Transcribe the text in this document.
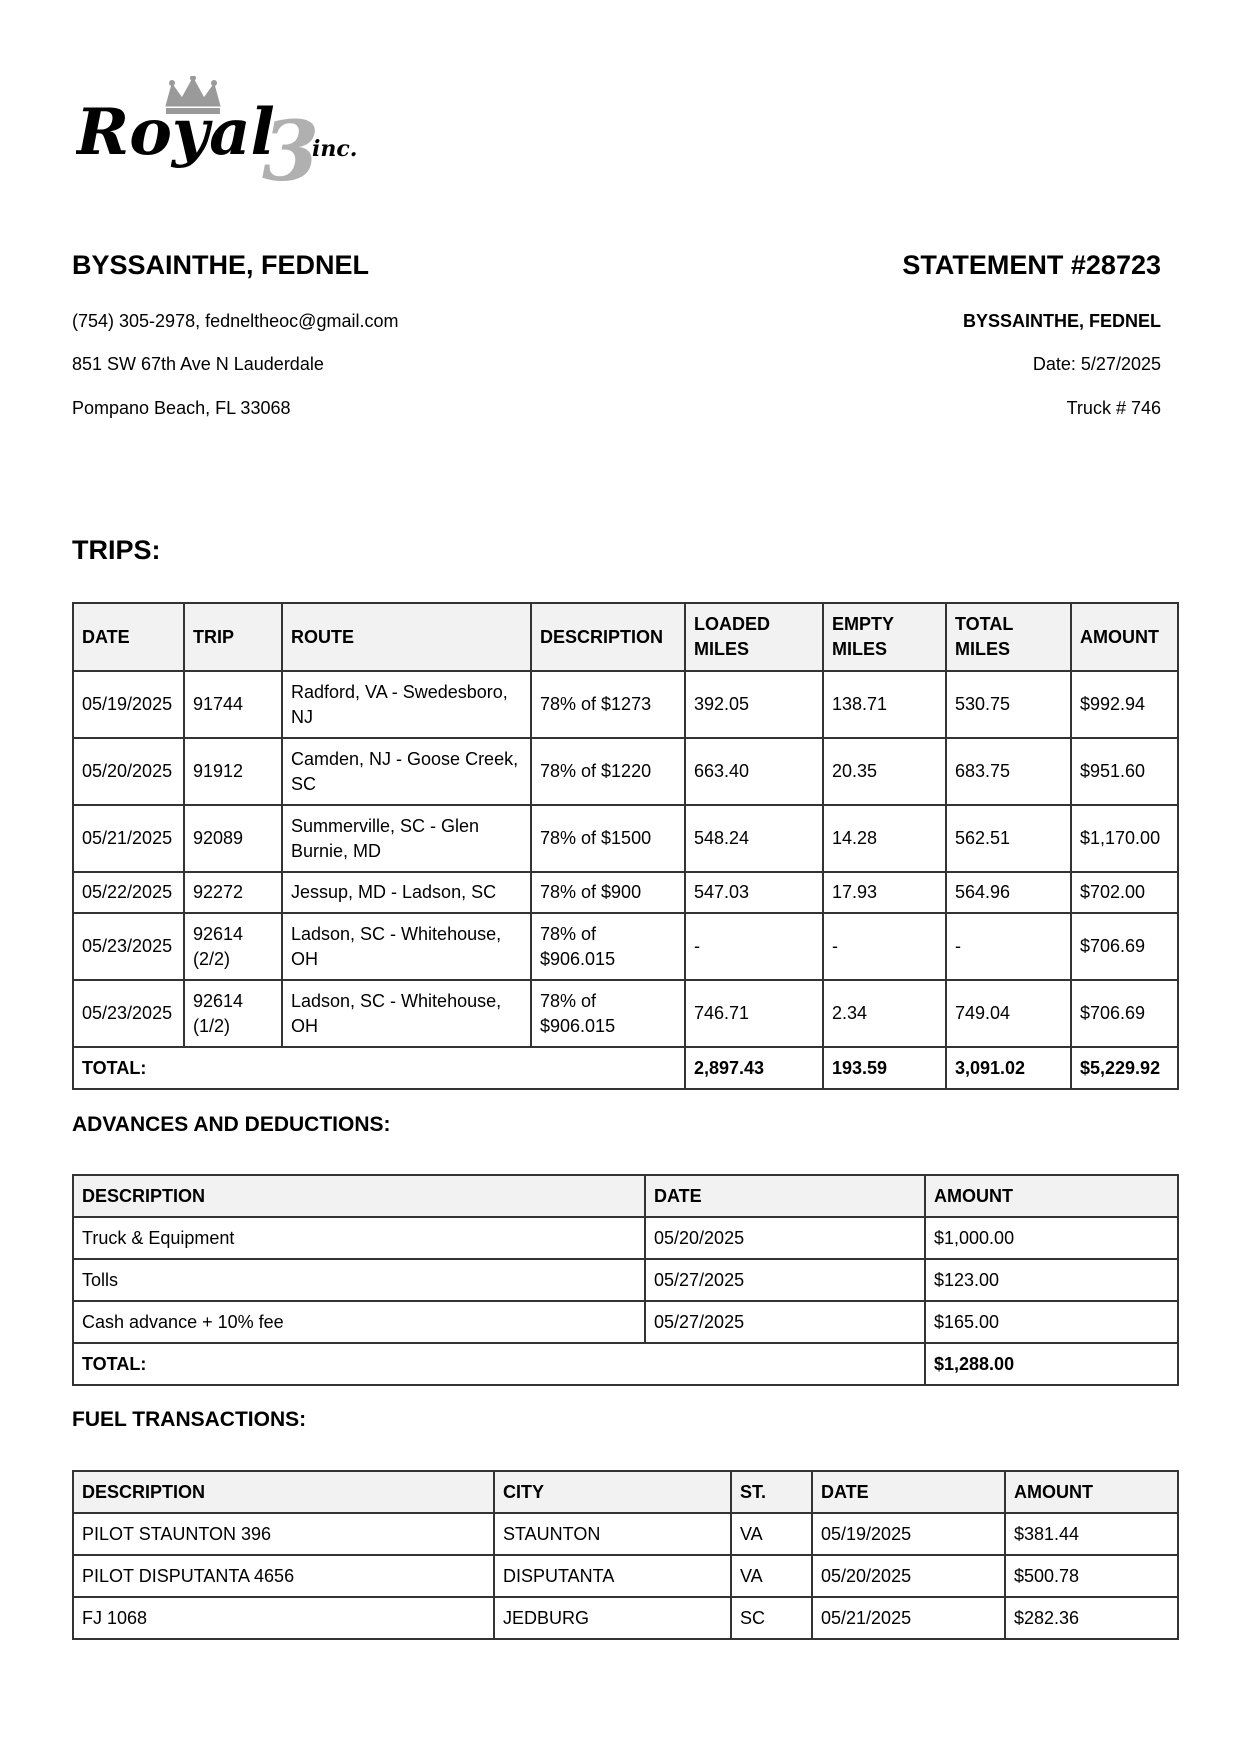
3
Royal inc.
BYSSAINTHE, FEDNEL	STATEMENT #28723
(754) 305-2978, fedneltheoc@gmail.com
851 SW 67th Ave N Lauderdale
Pompano Beach, FL 33068
BYSSAINTHE, FEDNEL
Date: 5/27/2025
Truck # 746
TRIPS:
DATE	TRIP	ROUTE	DESCRIPTION	LOADED MILES	EMPTY MILES	TOTAL MILES	AMOUNT
05/19/2025	91744	Radford, VA - Swedesboro, NJ	78% of $1273	392.05	138.71	530.75	$992.94
05/20/2025	91912	Camden, NJ - Goose Creek, SC	78% of $1220	663.40	20.35	683.75	$951.60
05/21/2025	92089	Summerville, SC - Glen Burnie, MD	78% of $1500	548.24	14.28	562.51	$1,170.00
05/22/2025	92272	Jessup, MD - Ladson, SC	78% of $900	547.03	17.93	564.96	$702.00
05/23/2025	92614 (2/2)	Ladson, SC - Whitehouse, OH	78% of $906.015	-	-	-	$706.69
05/23/2025	92614 (1/2)	Ladson, SC - Whitehouse, OH	78% of $906.015	746.71	2.34	749.04	$706.69
TOTAL:				2,897.43	193.59	3,091.02	$5,229.92
ADVANCES AND DEDUCTIONS:
DESCRIPTION	DATE	AMOUNT
Truck & Equipment	05/20/2025	$1,000.00
Tolls	05/27/2025	$123.00
Cash advance + 10% fee	05/27/2025	$165.00
TOTAL:		$1,288.00
FUEL TRANSACTIONS:
DESCRIPTION	CITY	ST.	DATE	AMOUNT
PILOT STAUNTON 396	STAUNTON	VA	05/19/2025	$381.44
PILOT DISPUTANTA 4656	DISPUTANTA	VA	05/20/2025	$500.78
FJ 1068	JEDBURG	SC	05/21/2025	$282.36
